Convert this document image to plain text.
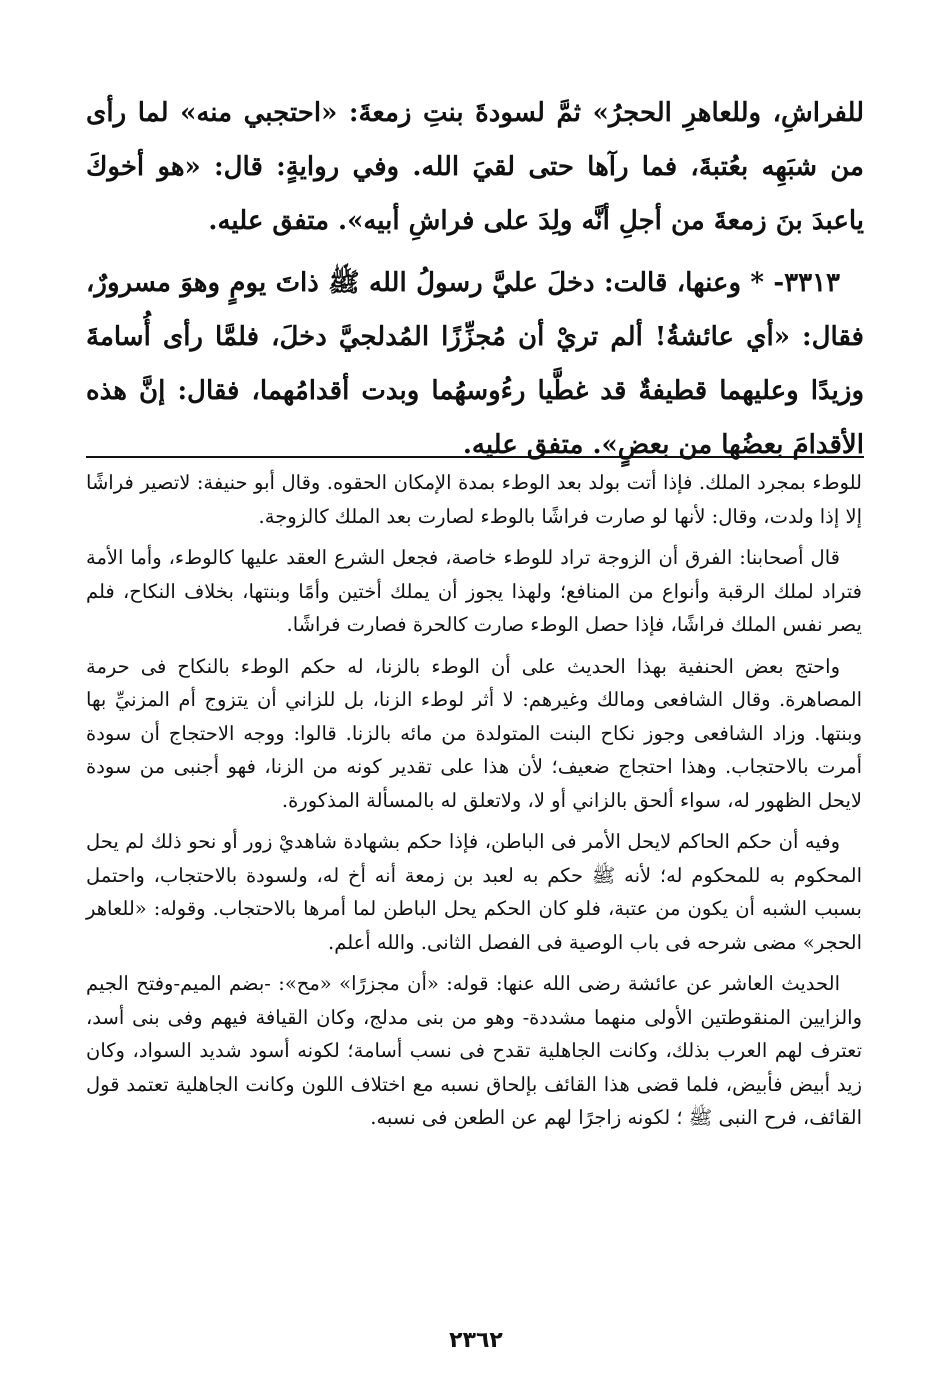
للفراشِ، وللعاهرِ الحجرُ» ثمَّ لسودةَ بنتِ زمعةَ: «احتجبي منه» لما رأى من شبَهِه بعُتبةَ، فما رآها حتى لقيَ الله. وفي روايةٍ: قال: «هو أخوكَ ياعبدَ بنَ زمعةَ من أجلِ أنَّه ولِدَ على فراشِ أبيه». متفق عليه.

٣٣١٣- * وعنها، قالت: دخلَ عليَّ رسولُ الله ﷺ ذاتَ يومٍ وهوَ مسرورٌ، فقال: «أي عائشةُ! ألم تريْ أن مُجزِّزًا المُدلجيَّ دخلَ، فلمَّا رأى أُسامةَ وزيدًا وعليهما قطيفةٌ قد غطَّيا رءُوسهُما وبدت أقدامُهما، فقال: إنَّ هذه الأقدامَ بعضُها من بعضٍ». متفق عليه.

للوطء بمجرد الملك. فإذا أتت بولد بعد الوطء بمدة الإمكان الحقوه. وقال أبو حنيفة: لاتصير فراشًا إلا إذا ولدت، وقال: لأنها لو صارت فراشًا بالوطء لصارت بعد الملك كالزوجة.

قال أصحابنا: الفرق أن الزوجة تراد للوطء خاصة، فجعل الشرع العقد عليها كالوطء، وأما الأمة فتراد لملك الرقبة وأنواع من المنافع؛ ولهذا يجوز أن يملك أختين وأمًا وبنتها، بخلاف النكاح، فلم يصر نفس الملك فراشًا، فإذا حصل الوطء صارت كالحرة فصارت فراشًا.

واحتج بعض الحنفية بهذا الحديث على أن الوطء بالزنا، له حكم الوطء بالنكاح فى حرمة المصاهرة. وقال الشافعى ومالك وغيرهم: لا أثر لوطء الزنا، بل للزاني أن يتزوج أم المزنيِّ بها وبنتها. وزاد الشافعى وجوز نكاح البنت المتولدة من مائه بالزنا. قالوا: ووجه الاحتجاج أن سودة أمرت بالاحتجاب. وهذا احتجاج ضعيف؛ لأن هذا على تقدير كونه من الزنا، فهو أجنبى من سودة لايحل الظهور له، سواء ألحق بالزاني أو لا، ولاتعلق له بالمسألة المذكورة.

وفيه أن حكم الحاكم لايحل الأمر فى الباطن، فإذا حكم بشهادة شاهديْ زور أو نحو ذلك لم يحل المحكوم به للمحكوم له؛ لأنه ﷺ حكم به لعبد بن زمعة أنه أخ له، ولسودة بالاحتجاب، واحتمل بسبب الشبه أن يكون من عتبة، فلو كان الحكم يحل الباطن لما أمرها بالاحتجاب. وقوله: «للعاهر الحجر» مضى شرحه فى باب الوصية فى الفصل الثانى. والله أعلم.

الحديث العاشر عن عائشة رضى الله عنها: قوله: «أن مجزرًا» «مح»: -بضم الميم-وفتح الجيم والزايين المنقوطتين الأولى منهما مشددة- وهو من بنى مدلج، وكان القيافة فيهم وفى بنى أسد، تعترف لهم العرب بذلك، وكانت الجاهلية تقدح فى نسب أسامة؛ لكونه أسود شديد السواد، وكان زيد أبيض فأبيض، فلما قضى هذا القائف بإلحاق نسبه مع اختلاف اللون وكانت الجاهلية تعتمد قول القائف، فرح النبى ﷺ ؛ لكونه زاجرًا لهم عن الطعن فى نسبه.

٢٣٦٢
